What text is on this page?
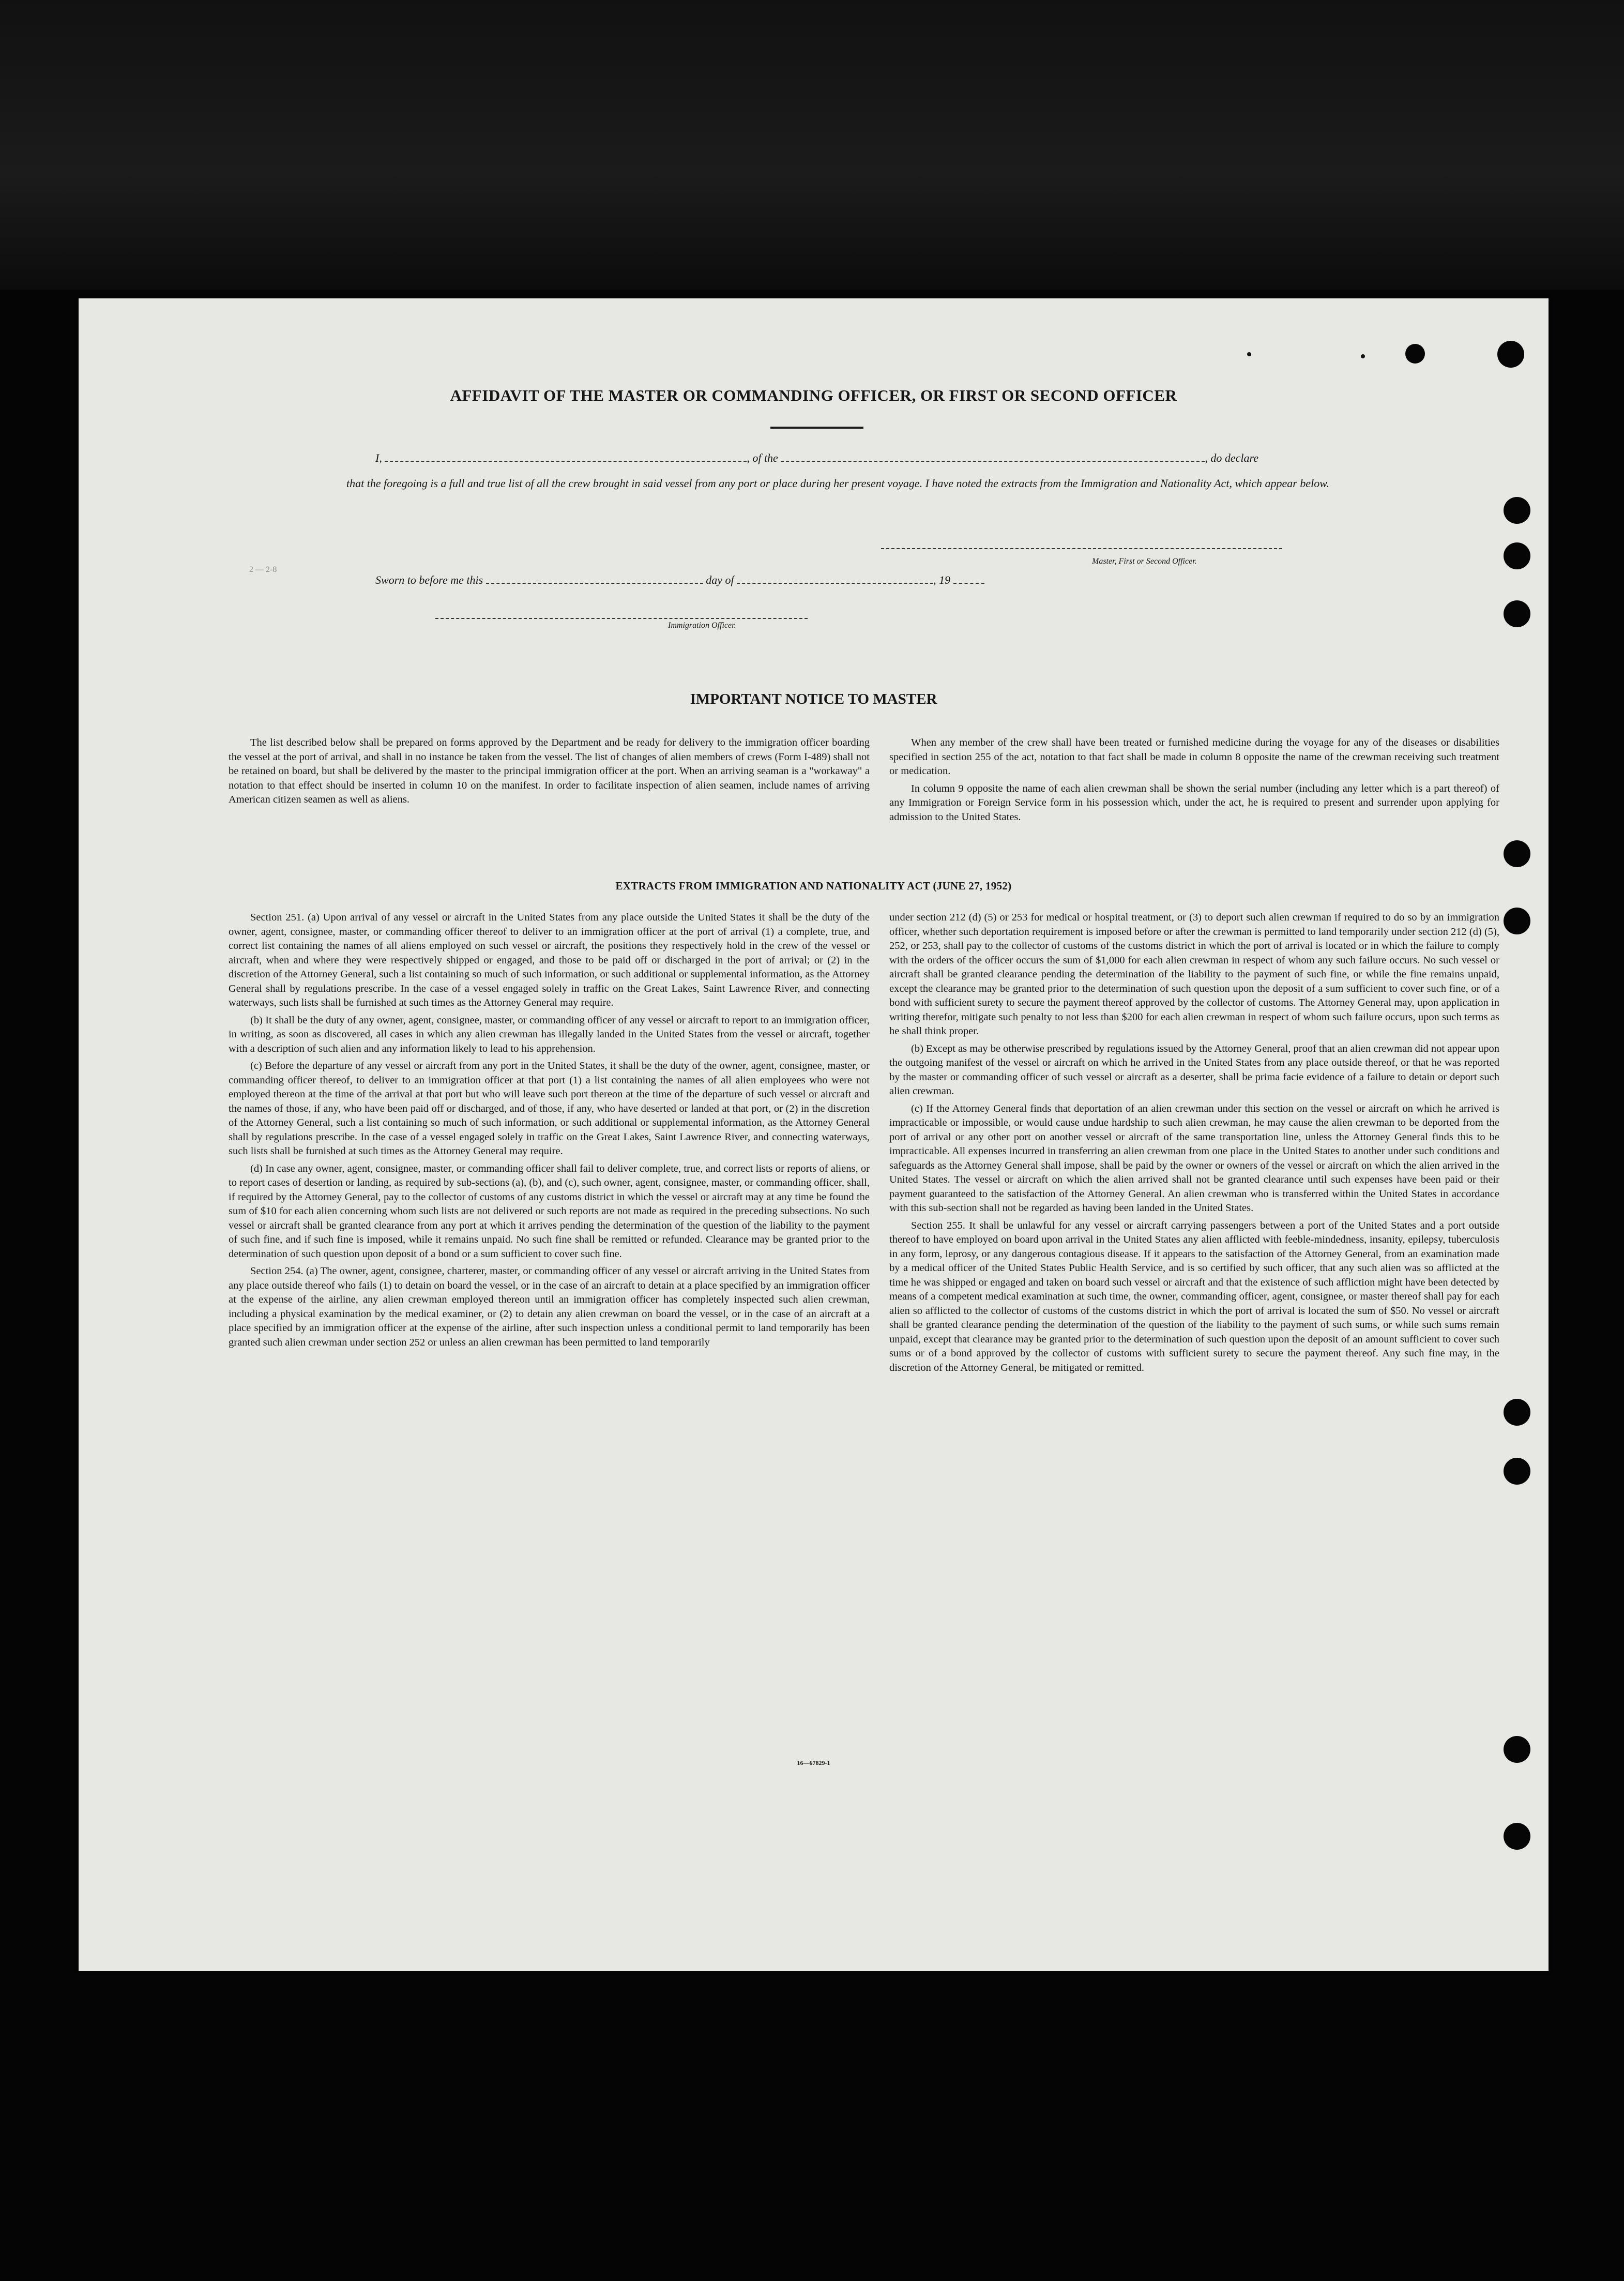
AFFIDAVIT OF THE MASTER OR COMMANDING OFFICER, OR FIRST OR SECOND OFFICER
I,	, of the	, do declare
that the foregoing is a full and true list of all the crew brought in said vessel from any port or place during her present voyage. I have noted the extracts from the Immigration and Nationality Act, which appear below.
Master, First or Second Officer.
2 — 2-8
Sworn to before me this	day of	, 19
Immigration Officer.
IMPORTANT NOTICE TO MASTER

The list described below shall be prepared on forms approved by the Department and be ready for delivery to the immigration officer boarding the vessel at the port of arrival, and shall in no instance be taken from the vessel. The list of changes of alien members of crews (Form I-489) shall not be retained on board, but shall be delivered by the master to the principal immigration officer at the port. When an arriving seaman is a "workaway" a notation to that effect should be inserted in column 10 on the manifest. In order to facilitate inspection of alien seamen, include names of arriving American citizen seamen as well as aliens.

When any member of the crew shall have been treated or furnished medicine during the voyage for any of the diseases or disabilities specified in section 255 of the act, notation to that fact shall be made in column 8 opposite the name of the crewman receiving such treatment or medication.

In column 9 opposite the name of each alien crewman shall be shown the serial number (including any letter which is a part thereof) of any Immigration or Foreign Service form in his possession which, under the act, he is required to present and surrender upon applying for admission to the United States.

EXTRACTS FROM IMMIGRATION AND NATIONALITY ACT (JUNE 27, 1952)

Section 251. (a) Upon arrival of any vessel or aircraft in the United States from any place outside the United States it shall be the duty of the owner, agent, consignee, master, or commanding officer thereof to deliver to an immigration officer at the port of arrival (1) a complete, true, and correct list containing the names of all aliens employed on such vessel or aircraft, the positions they respectively hold in the crew of the vessel or aircraft, when and where they were respectively shipped or engaged, and those to be paid off or discharged in the port of arrival; or (2) in the discretion of the Attorney General, such a list containing so much of such information, or such additional or supplemental information, as the Attorney General shall by regulations prescribe. In the case of a vessel engaged solely in traffic on the Great Lakes, Saint Lawrence River, and connecting waterways, such lists shall be furnished at such times as the Attorney General may require.

(b) It shall be the duty of any owner, agent, consignee, master, or commanding officer of any vessel or aircraft to report to an immigration officer, in writing, as soon as discovered, all cases in which any alien crewman has illegally landed in the United States from the vessel or aircraft, together with a description of such alien and any information likely to lead to his apprehension.

(c) Before the departure of any vessel or aircraft from any port in the United States, it shall be the duty of the owner, agent, consignee, master, or commanding officer thereof, to deliver to an immigration officer at that port (1) a list containing the names of all alien employees who were not employed thereon at the time of the arrival at that port but who will leave such port thereon at the time of the departure of such vessel or aircraft and the names of those, if any, who have been paid off or discharged, and of those, if any, who have deserted or landed at that port, or (2) in the discretion of the Attorney General, such a list containing so much of such information, or such additional or supplemental information, as the Attorney General shall by regulations prescribe. In the case of a vessel engaged solely in traffic on the Great Lakes, Saint Lawrence River, and connecting waterways, such lists shall be furnished at such times as the Attorney General may require.

(d) In case any owner, agent, consignee, master, or commanding officer shall fail to deliver complete, true, and correct lists or reports of aliens, or to report cases of desertion or landing, as required by sub-sections (a), (b), and (c), such owner, agent, consignee, master, or commanding officer, shall, if required by the Attorney General, pay to the collector of customs of any customs district in which the vessel or aircraft may at any time be found the sum of $10 for each alien concerning whom such lists are not delivered or such reports are not made as required in the preceding subsections. No such vessel or aircraft shall be granted clearance from any port at which it arrives pending the determination of the question of the liability to the payment of such fine, and if such fine is imposed, while it remains unpaid. No such fine shall be remitted or refunded. Clearance may be granted prior to the determination of such question upon deposit of a bond or a sum sufficient to cover such fine.

Section 254. (a) The owner, agent, consignee, charterer, master, or commanding officer of any vessel or aircraft arriving in the United States from any place outside thereof who fails (1) to detain on board the vessel, or in the case of an aircraft to detain at a place specified by an immigration officer at the expense of the airline, any alien crewman employed thereon until an immigration officer has completely inspected such alien crewman, including a physical examination by the medical examiner, or (2) to detain any alien crewman on board the vessel, or in the case of an aircraft at a place specified by an immigration officer at the expense of the airline, after such inspection unless a conditional permit to land temporarily has been granted such alien crewman under section 252 or unless an alien crewman has been permitted to land temporarily

under section 212 (d) (5) or 253 for medical or hospital treatment, or (3) to deport such alien crewman if required to do so by an immigration officer, whether such deportation requirement is imposed before or after the crewman is permitted to land temporarily under section 212 (d) (5), 252, or 253, shall pay to the collector of customs of the customs district in which the port of arrival is located or in which the failure to comply with the orders of the officer occurs the sum of $1,000 for each alien crewman in respect of whom any such failure occurs. No such vessel or aircraft shall be granted clearance pending the determination of the liability to the payment of such fine, or while the fine remains unpaid, except the clearance may be granted prior to the determination of such question upon the deposit of a sum sufficient to cover such fine, or of a bond with sufficient surety to secure the payment thereof approved by the collector of customs. The Attorney General may, upon application in writing therefor, mitigate such penalty to not less than $200 for each alien crewman in respect of whom such failure occurs, upon such terms as he shall think proper.

(b) Except as may be otherwise prescribed by regulations issued by the Attorney General, proof that an alien crewman did not appear upon the outgoing manifest of the vessel or aircraft on which he arrived in the United States from any place outside thereof, or that he was reported by the master or commanding officer of such vessel or aircraft as a deserter, shall be prima facie evidence of a failure to detain or deport such alien crewman.

(c) If the Attorney General finds that deportation of an alien crewman under this section on the vessel or aircraft on which he arrived is impracticable or impossible, or would cause undue hardship to such alien crewman, he may cause the alien crewman to be deported from the port of arrival or any other port on another vessel or aircraft of the same transportation line, unless the Attorney General finds this to be impracticable. All expenses incurred in transferring an alien crewman from one place in the United States to another under such conditions and safeguards as the Attorney General shall impose, shall be paid by the owner or owners of the vessel or aircraft on which the alien arrived in the United States. The vessel or aircraft on which the alien arrived shall not be granted clearance until such expenses have been paid or their payment guaranteed to the satisfaction of the Attorney General. An alien crewman who is transferred within the United States in accordance with this sub-section shall not be regarded as having been landed in the United States.

Section 255. It shall be unlawful for any vessel or aircraft carrying passengers between a port of the United States and a port outside thereof to have employed on board upon arrival in the United States any alien afflicted with feeble-mindedness, insanity, epilepsy, tuberculosis in any form, leprosy, or any dangerous contagious disease. If it appears to the satisfaction of the Attorney General, from an examination made by a medical officer of the United States Public Health Service, and is so certified by such officer, that any such alien was so afflicted at the time he was shipped or engaged and taken on board such vessel or aircraft and that the existence of such affliction might have been detected by means of a competent medical examination at such time, the owner, commanding officer, agent, consignee, or master thereof shall pay for each alien so afflicted to the collector of customs of the customs district in which the port of arrival is located the sum of $50. No vessel or aircraft shall be granted clearance pending the determination of the question of the liability to the payment of such sums, or while such sums remain unpaid, except that clearance may be granted prior to the determination of such question upon the deposit of an amount sufficient to cover such sums or of a bond approved by the collector of customs with sufficient surety to secure the payment thereof. Any such fine may, in the discretion of the Attorney General, be mitigated or remitted.

16—67829-1
